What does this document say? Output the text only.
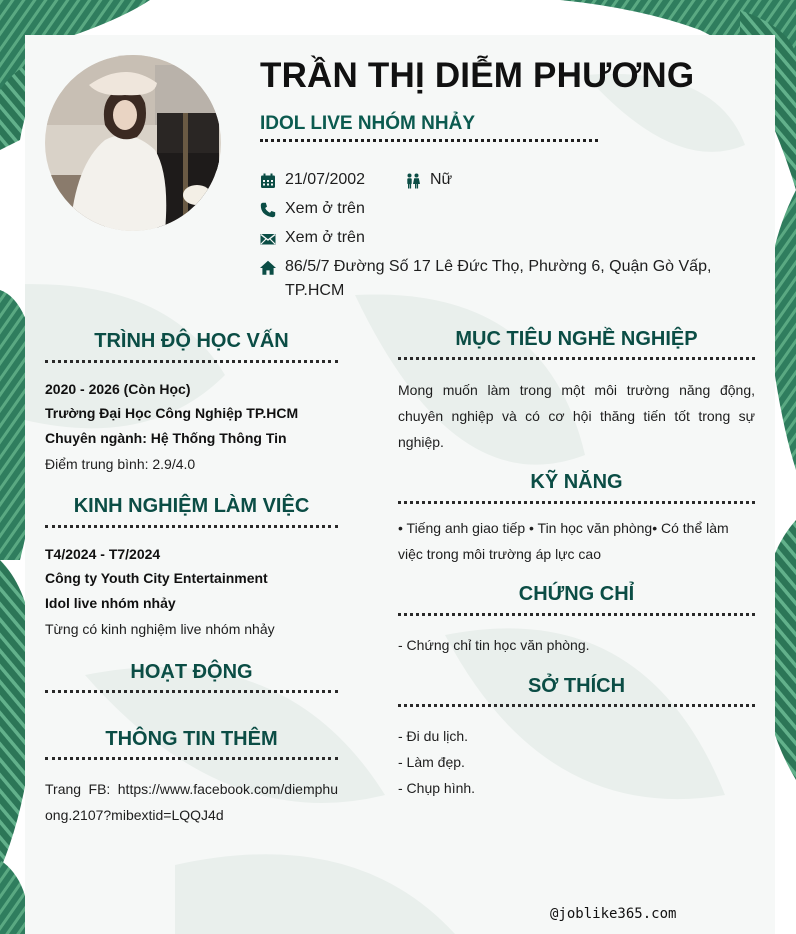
TRẦN THỊ DIỄM PHƯƠNG
IDOL LIVE NHÓM NHẢY
21/07/2002	Nữ
Xem ở trên
Xem ở trên
86/5/7 Đường Số 17 Lê Đức Thọ, Phường 6, Quận Gò Vấp, TP.HCM
TRÌNH ĐỘ HỌC VẤN
2020 - 2026 (Còn Học)
Trường Đại Học Công Nghiệp TP.HCM
Chuyên ngành: Hệ Thống Thông Tin
Điểm trung bình: 2.9/4.0
KINH NGHIỆM LÀM VIỆC
T4/2024 - T7/2024
Công ty Youth City Entertainment
Idol live nhóm nhảy
Từng có kinh nghiệm live nhóm nhảy
HOẠT ĐỘNG
THÔNG TIN THÊM

Trang FB: https://www.facebook.com/diemphuong.2107?mibextid=LQQJ4d

MỤC TIÊU NGHỀ NGHIỆP

Mong muốn làm trong một môi trường năng động, chuyên nghiệp và có cơ hội thăng tiến tốt trong sự nghiệp.

KỸ NĂNG

• Tiếng anh giao tiếp • Tin học văn phòng• Có thể làm việc trong môi trường áp lực cao

CHỨNG CHỈ
- Chứng chỉ tin học văn phòng.
SỞ THÍCH
- Đi du lịch.
- Làm đẹp.
- Chụp hình.
@joblike365.com
